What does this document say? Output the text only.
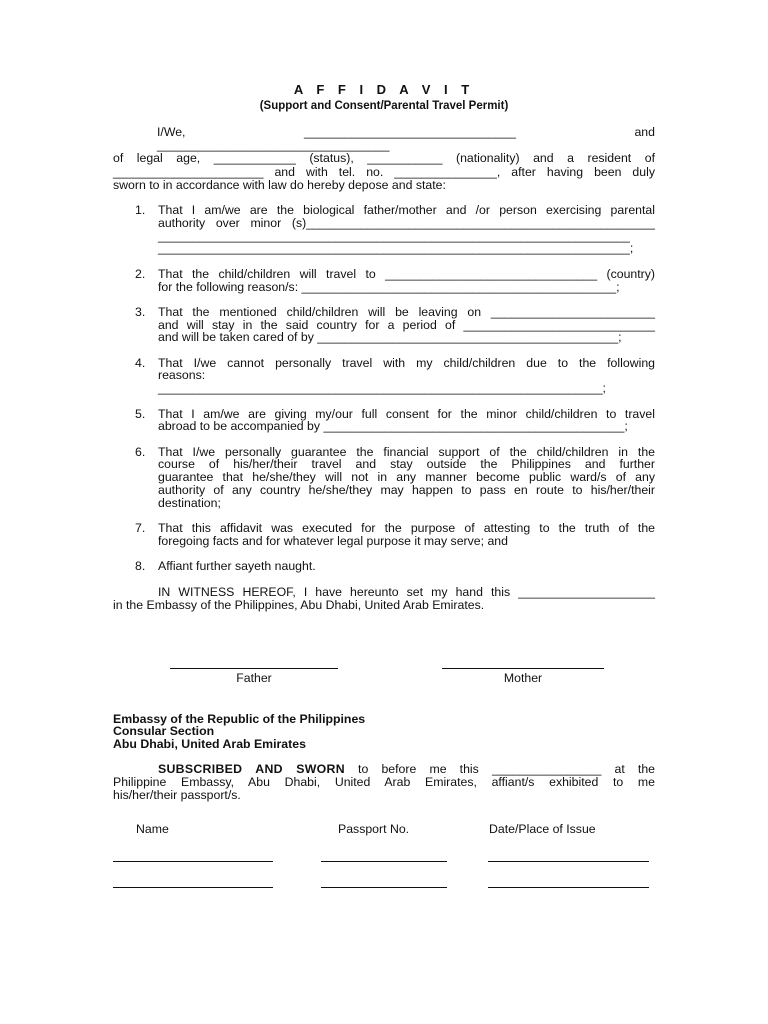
A F F I D A V I T

(Support and Consent/Parental Travel Permit)

I/We, _______________________________ and __________________________________
of legal age, ____________ (status), ___________ (nationality) and a resident of
______________________ and with tel. no. _______________, after having been duly
sworn to in accordance with law do hereby depose and state:
1. That I am/we are the biological father/mother and /or person exercising parental
authority over minor (s)___________________________________________________
_____________________________________________________________________
_____________________________________________________________________;
2. That the child/children will travel to _______________________________ (country)
for the following reason/s: ______________________________________________;
3. That the mentioned child/children will be leaving on ________________________
and will stay in the said country for a period of ____________________________
and will be taken cared of by ____________________________________________;
4. That I/we cannot personally travel with my child/children due to the following
reasons: _________________________________________________________________;
5. That I am/we are giving my/our full consent for the minor child/children to travel
abroad to be accompanied by ____________________________________________;
6. That I/we personally guarantee the financial support of the child/children in the
course of his/her/their travel and stay outside the Philippines and further
guarantee that he/she/they will not in any manner become public ward/s of any
authority of any country he/she/they may happen to pass en route to his/her/their
destination;
7. That this affidavit was executed for the purpose of attesting to the truth of the
foregoing facts and for whatever legal purpose it may serve; and
8. Affiant further sayeth naught.
IN WITNESS HEREOF, I have hereunto set my hand this ____________________
in the Embassy of the Philippines, Abu Dhabi, United Arab Emirates.
Father	Mother
Embassy of the Republic of the Philippines
Consular Section
Abu Dhabi, United Arab Emirates
SUBSCRIBED AND SWORN to before me this ________________ at the
Philippine Embassy, Abu Dhabi, United Arab Emirates, affiant/s exhibited to me
his/her/their passport/s.
Name	Passport No.	Date/Place of Issue
